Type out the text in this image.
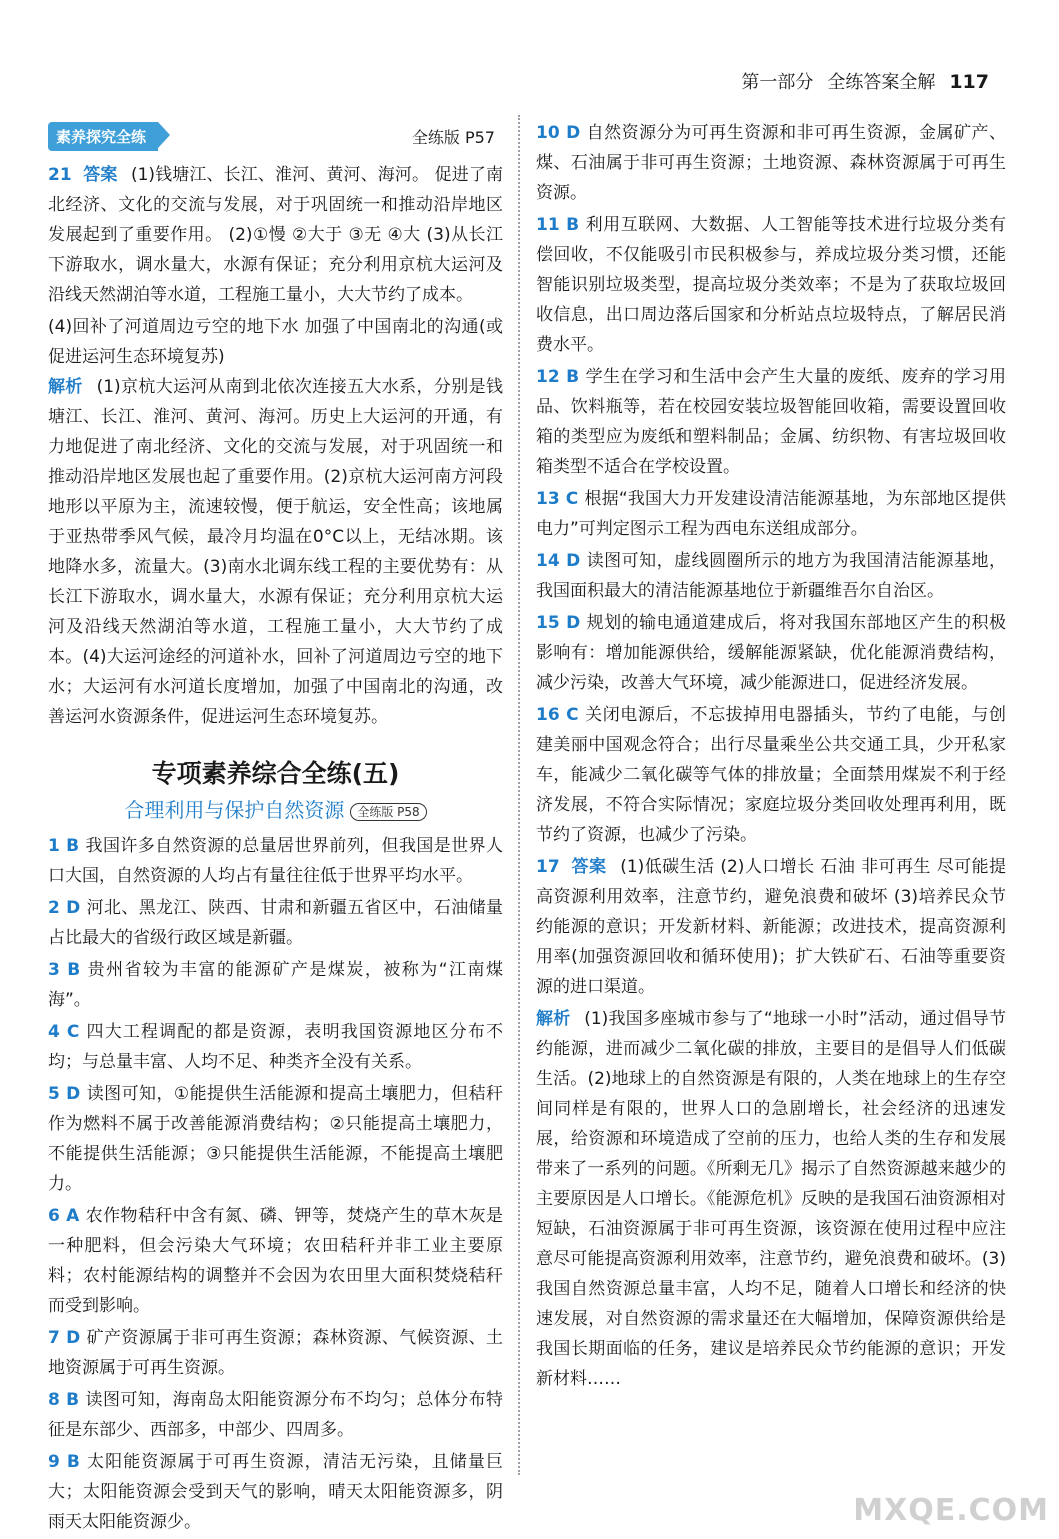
第一部分 全练答案全解 117
素养探究全练	全练版 P57
21 答案 (1)钱塘江、长江、淮河、黄河、海河。 促进了南北经济、文化的交流与发展，对于巩固统一和推动沿岸地区发展起到了重要作用。 (2)①慢 ②大于 ③无 ④大 (3)从长江下游取水，调水量大，水源有保证；充分利用京杭大运河及沿线天然湖泊等水道，工程施工量小，大大节约了成本。
(4)回补了河道周边亏空的地下水 加强了中国南北的沟通(或促进运河生态环境复苏)
解析 (1)京杭大运河从南到北依次连接五大水系，分别是钱塘江、长江、淮河、黄河、海河。历史上大运河的开通，有力地促进了南北经济、文化的交流与发展，对于巩固统一和推动沿岸地区发展也起了重要作用。(2)京杭大运河南方河段地形以平原为主，流速较慢，便于航运，安全性高；该地属于亚热带季风气候，最冷月均温在0°C以上，无结冰期。该地降水多，流量大。(3)南水北调东线工程的主要优势有：从长江下游取水，调水量大，水源有保证；充分利用京杭大运河及沿线天然湖泊等水道，工程施工量小，大大节约了成本。(4)大运河途经的河道补水，回补了河道周边亏空的地下水；大运河有水河道长度增加，加强了中国南北的沟通，改善运河水资源条件，促进运河生态环境复苏。
专项素养综合全练(五)
合理利用与保护自然资源 全练版 P58
1 B 我国许多自然资源的总量居世界前列，但我国是世界人口大国，自然资源的人均占有量往往低于世界平均水平。
2 D 河北、黑龙江、陕西、甘肃和新疆五省区中，石油储量占比最大的省级行政区域是新疆。
3 B 贵州省较为丰富的能源矿产是煤炭，被称为“江南煤海”。
4 C 四大工程调配的都是资源，表明我国资源地区分布不均；与总量丰富、人均不足、种类齐全没有关系。
5 D 读图可知，①能提供生活能源和提高土壤肥力，但秸秆作为燃料不属于改善能源消费结构；②只能提高土壤肥力，不能提供生活能源；③只能提供生活能源，不能提高土壤肥力。
6 A 农作物秸秆中含有氮、磷、钾等，焚烧产生的草木灰是一种肥料，但会污染大气环境；农田秸秆并非工业主要原料；农村能源结构的调整并不会因为农田里大面积焚烧秸秆而受到影响。
7 D 矿产资源属于非可再生资源；森林资源、气候资源、土地资源属于可再生资源。
8 B 读图可知，海南岛太阳能资源分布不均匀；总体分布特征是东部少、西部多，中部少、四周多。
9 B 太阳能资源属于可再生资源，清洁无污染，且储量巨大；太阳能资源会受到天气的影响，晴天太阳能资源多，阴雨天太阳能资源少。
10 D 自然资源分为可再生资源和非可再生资源，金属矿产、煤、石油属于非可再生资源；土地资源、森林资源属于可再生资源。
11 B 利用互联网、大数据、人工智能等技术进行垃圾分类有偿回收，不仅能吸引市民积极参与，养成垃圾分类习惯，还能智能识别垃圾类型，提高垃圾分类效率；不是为了获取垃圾回收信息，出口周边落后国家和分析站点垃圾特点，了解居民消费水平。
12 B 学生在学习和生活中会产生大量的废纸、废弃的学习用品、饮料瓶等，若在校园安装垃圾智能回收箱，需要设置回收箱的类型应为废纸和塑料制品；金属、纺织物、有害垃圾回收箱类型不适合在学校设置。
13 C 根据“我国大力开发建设清洁能源基地，为东部地区提供电力”可判定图示工程为西电东送组成部分。
14 D 读图可知，虚线圆圈所示的地方为我国清洁能源基地，我国面积最大的清洁能源基地位于新疆维吾尔自治区。
15 D 规划的输电通道建成后，将对我国东部地区产生的积极影响有：增加能源供给，缓解能源紧缺，优化能源消费结构，减少污染，改善大气环境，减少能源进口，促进经济发展。
16 C 关闭电源后，不忘拔掉用电器插头，节约了电能，与创建美丽中国观念符合；出行尽量乘坐公共交通工具，少开私家车，能减少二氧化碳等气体的排放量；全面禁用煤炭不利于经济发展，不符合实际情况；家庭垃圾分类回收处理再利用，既节约了资源，也减少了污染。
17 答案 (1)低碳生活 (2)人口增长 石油 非可再生 尽可能提高资源利用效率，注意节约，避免浪费和破坏 (3)培养民众节约能源的意识；开发新材料、新能源；改进技术，提高资源利用率(加强资源回收和循环使用)；扩大铁矿石、石油等重要资源的进口渠道。
解析 (1)我国多座城市参与了“地球一小时”活动，通过倡导节约能源，进而减少二氧化碳的排放，主要目的是倡导人们低碳生活。(2)地球上的自然资源是有限的，人类在地球上的生存空间同样是有限的，世界人口的急剧增长，社会经济的迅速发展，给资源和环境造成了空前的压力，也给人类的生存和发展带来了一系列的问题。《所剩无几》揭示了自然资源越来越少的主要原因是人口增长。《能源危机》反映的是我国石油资源相对短缺，石油资源属于非可再生资源，该资源在使用过程中应注意尽可能提高资源利用效率，注意节约，避免浪费和破坏。(3)我国自然资源总量丰富，人均不足，随着人口增长和经济的快速发展，对自然资源的需求量还在大幅增加，保障资源供给是我国长期面临的任务，建议是培养民众节约能源的意识；开发新材料……
MXQE.COM
